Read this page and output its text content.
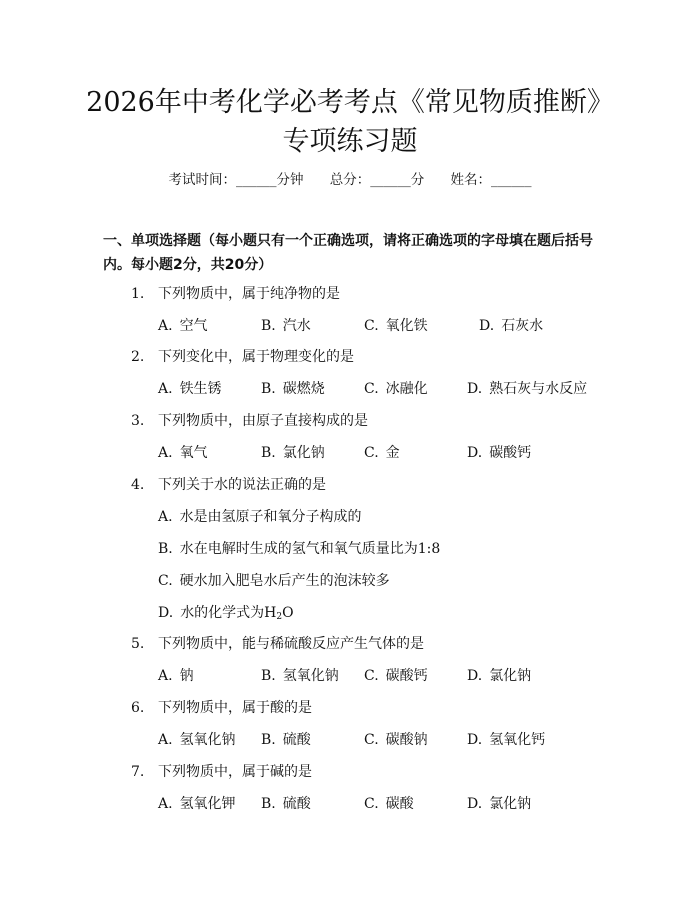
2026年中考化学必考考点《常见物质推断》
专项练习题
考试时间：______分钟 总分：______分 姓名：______
一、单项选择题（每小题只有一个正确选项，请将正确选项的字母填在题后括号内。每小题2分，共20分）
1. 下列物质中，属于纯净物的是
A. 空气	B. 汽水	C. 氧化铁	D. 石灰水
2. 下列变化中，属于物理变化的是
A. 铁生锈	B. 碳燃烧	C. 冰融化	D. 熟石灰与水反应
3. 下列物质中，由原子直接构成的是
A. 氧气	B. 氯化钠	C. 金	D. 碳酸钙
4. 下列关于水的说法正确的是
A. 水是由氢原子和氧分子构成的
B. 水在电解时生成的氢气和氧气质量比为1:8
C. 硬水加入肥皂水后产生的泡沫较多
D. 水的化学式为$H_2O$
5. 下列物质中，能与稀硫酸反应产生气体的是
A. 钠	B. 氢氧化钠 C. 碳酸钙	D. 氯化钠
6. 下列物质中，属于酸的是
A. 氢氧化钠 B. 硫酸	C. 碳酸钠	D. 氢氧化钙
7. 下列物质中，属于碱的是
A. 氢氧化钾 B. 硫酸	C. 碳酸	D. 氯化钠
